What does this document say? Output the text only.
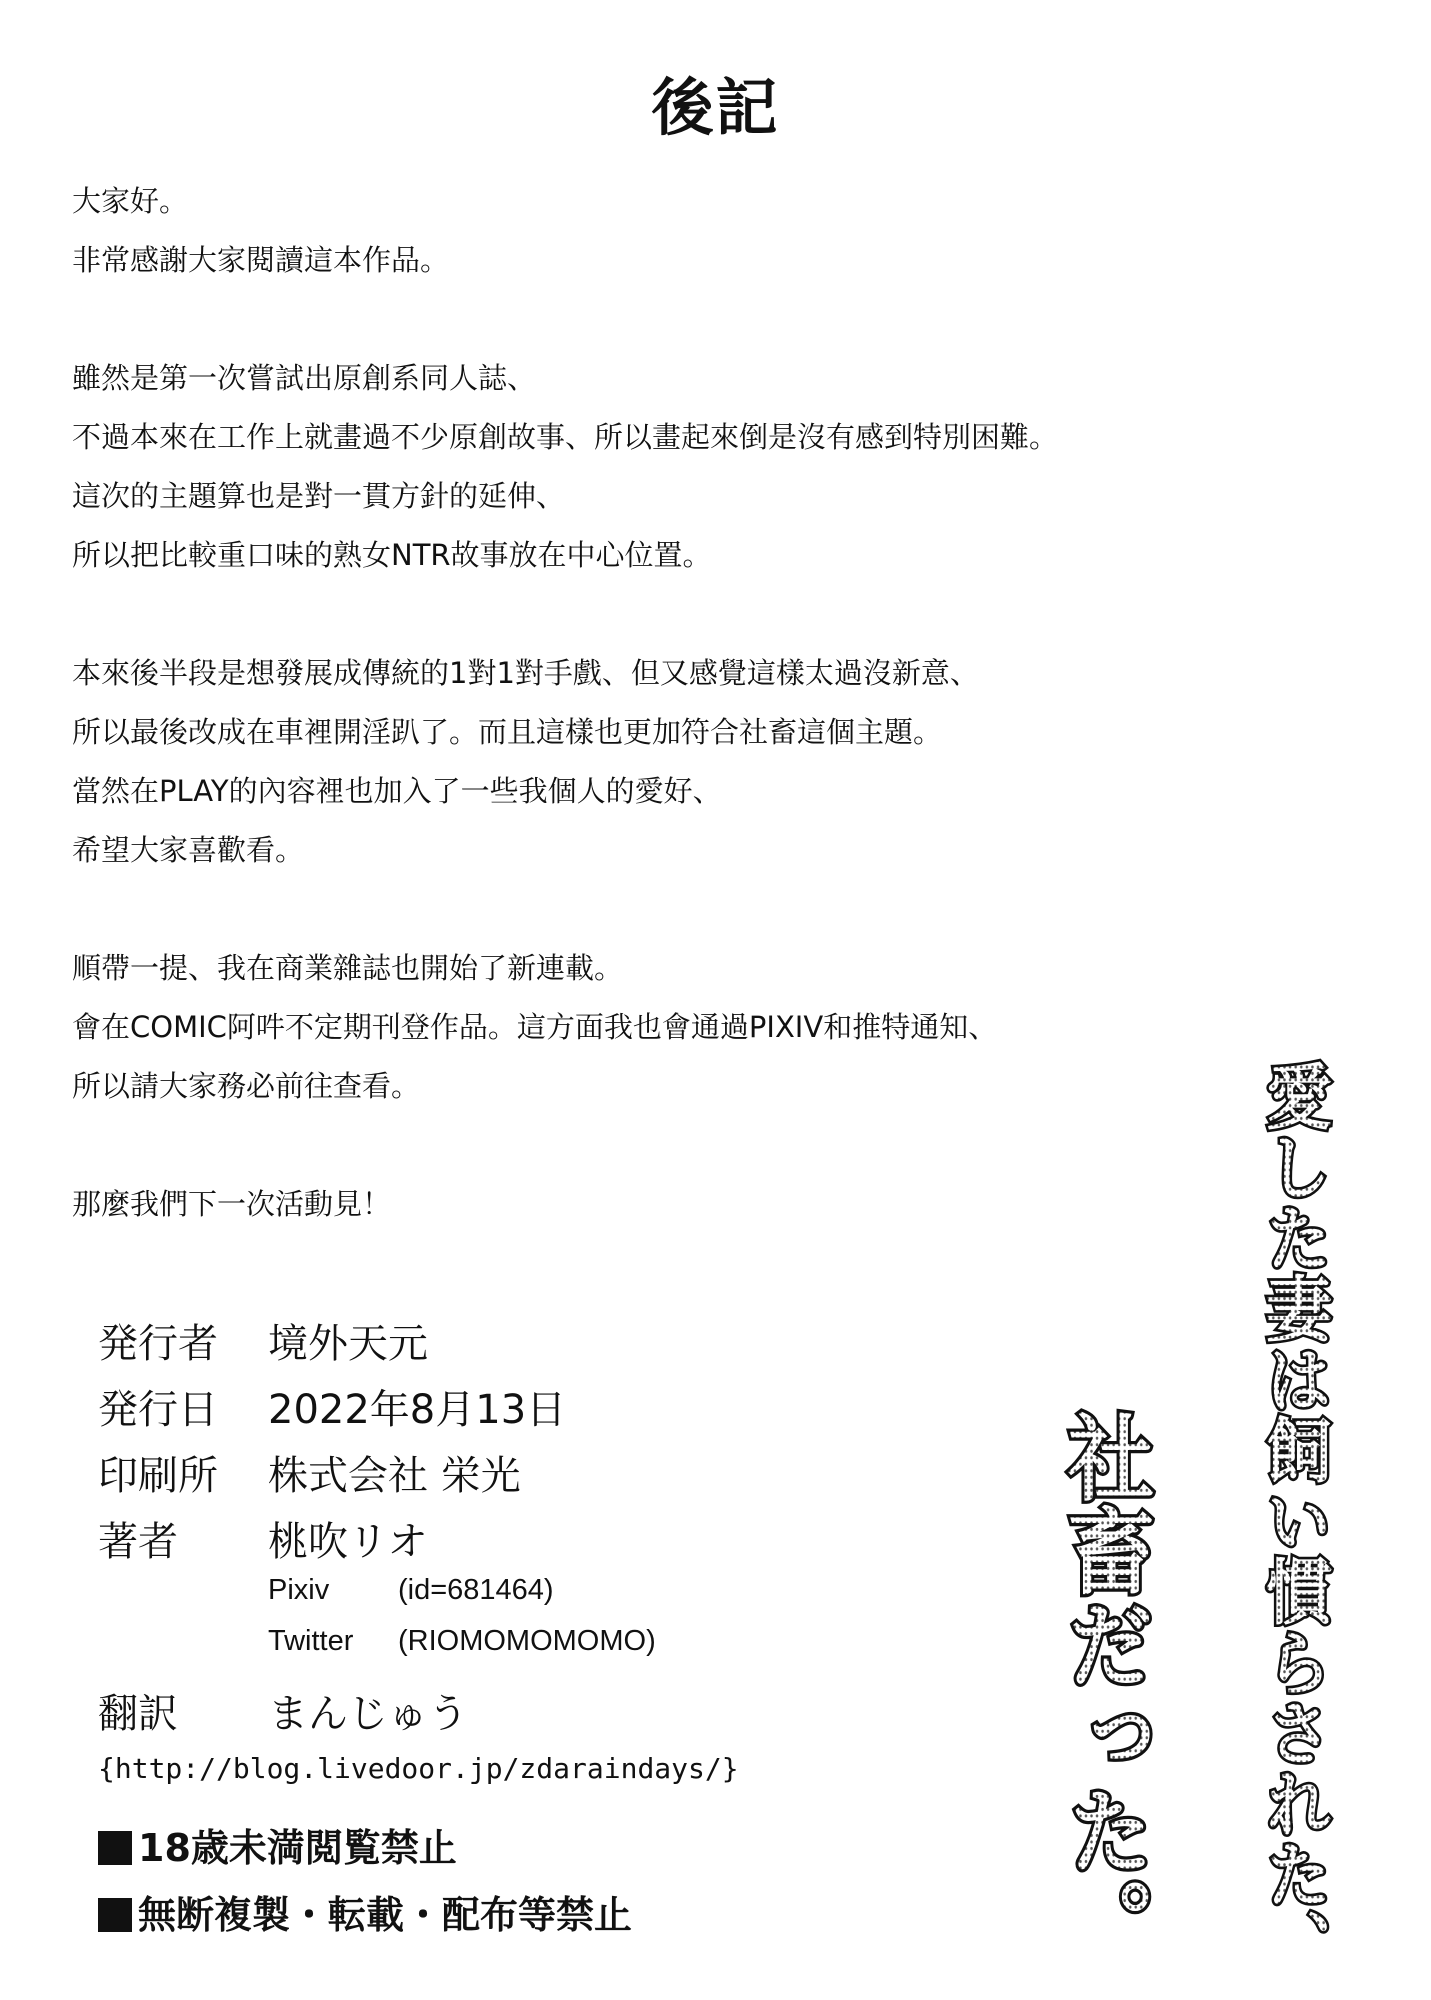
後記
大家好。
非常感謝大家閱讀這本作品。
雖然是第一次嘗試出原創系同人誌、
不過本來在工作上就畫過不少原創故事、所以畫起來倒是沒有感到特別困難。
這次的主題算也是對一貫方針的延伸、
所以把比較重口味的熟女NTR故事放在中心位置。
本來後半段是想發展成傳統的1對1對手戲、但又感覺這樣太過沒新意、
所以最後改成在車裡開淫趴了。而且這樣也更加符合社畜這個主題。
當然在PLAY的內容裡也加入了一些我個人的愛好、
希望大家喜歡看。
順帶一提、我在商業雜誌也開始了新連載。
會在COMIC阿吽不定期刊登作品。這方面我也會通過PIXIV和推特通知、
所以請大家務必前往查看。
那麼我們下一次活動見！
発行者 境外天元
発行日 2022年8月13日
印刷所 株式会社 栄光
著者 桃吹リオ
Pixiv (id=681464)
Twitter (RIOMOMOMOMO)
翻訳 まんじゅう
{http://blog.livedoor.jp/zdaraindays/}
18歳未満閲覧禁止
無断複製・転載・配布等禁止	愛した妻は飼い慣らされた、
社畜だった。
